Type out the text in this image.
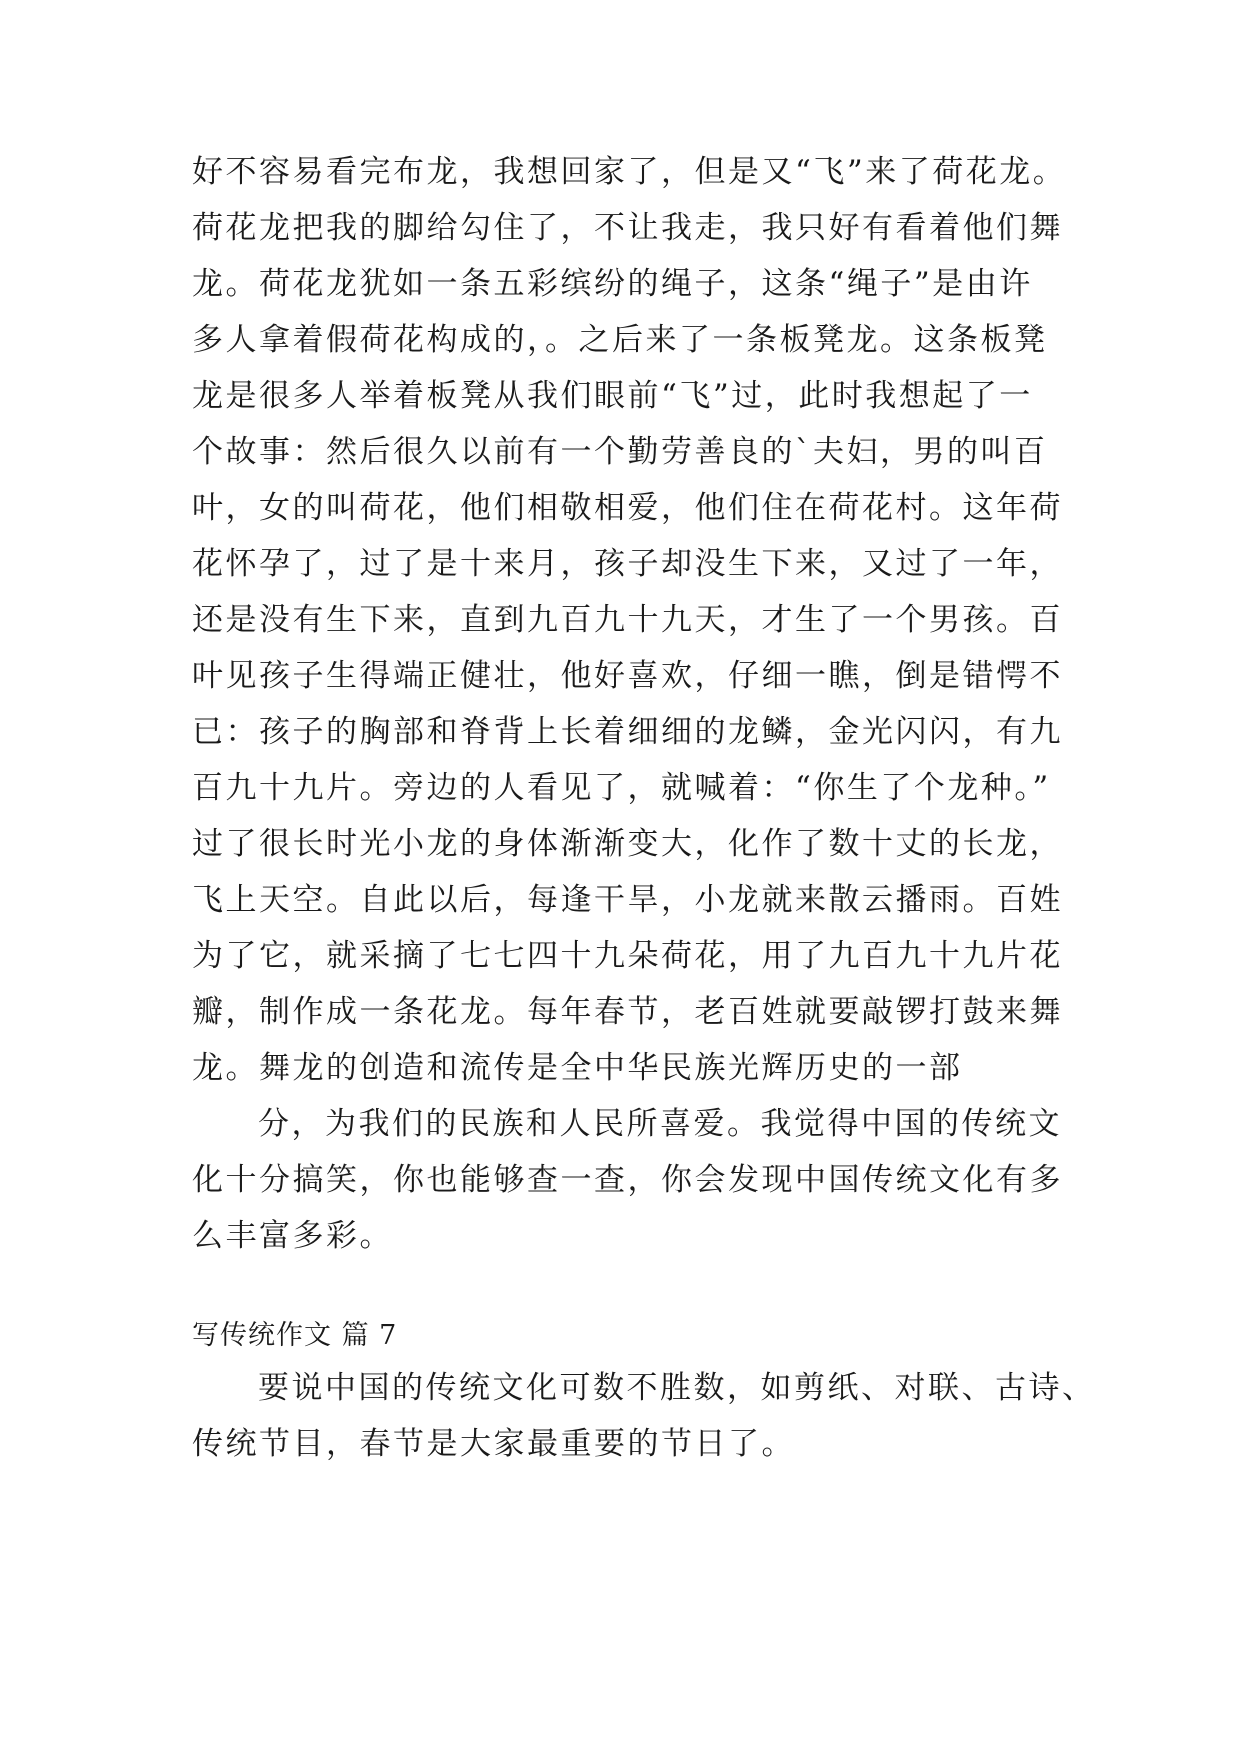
好不容易看完布龙，我想回家了，但是又“飞”来了荷花龙。
荷花龙把我的脚给勾住了，不让我走，我只好有看着他们舞
龙。荷花龙犹如一条五彩缤纷的绳子，这条“绳子”是由许
多人拿着假荷花构成的，。之后来了一条板凳龙。这条板凳
龙是很多人举着板凳从我们眼前“飞”过，此时我想起了一
个故事：然后很久以前有一个勤劳善良的`夫妇，男的叫百
叶，女的叫荷花，他们相敬相爱，他们住在荷花村。这年荷
花怀孕了，过了是十来月，孩子却没生下来，又过了一年，
还是没有生下来，直到九百九十九天，才生了一个男孩。百
叶见孩子生得端正健壮，他好喜欢，仔细一瞧，倒是错愕不
已：孩子的胸部和脊背上长着细细的龙鳞，金光闪闪，有九
百九十九片。旁边的人看见了，就喊着：“你生了个龙种。”
过了很长时光小龙的身体渐渐变大，化作了数十丈的长龙，
飞上天空。自此以后，每逢干旱，小龙就来散云播雨。百姓
为了它，就采摘了七七四十九朵荷花，用了九百九十九片花
瓣，制作成一条花龙。每年春节，老百姓就要敲锣打鼓来舞
龙。舞龙的创造和流传是全中华民族光辉历史的一部
分，为我们的民族和人民所喜爱。我觉得中国的传统文
化十分搞笑，你也能够查一查，你会发现中国传统文化有多
么丰富多彩。
写传统作文 篇 7
要说中国的传统文化可数不胜数，如剪纸、对联、古诗、
传统节目，春节是大家最重要的节日了。
